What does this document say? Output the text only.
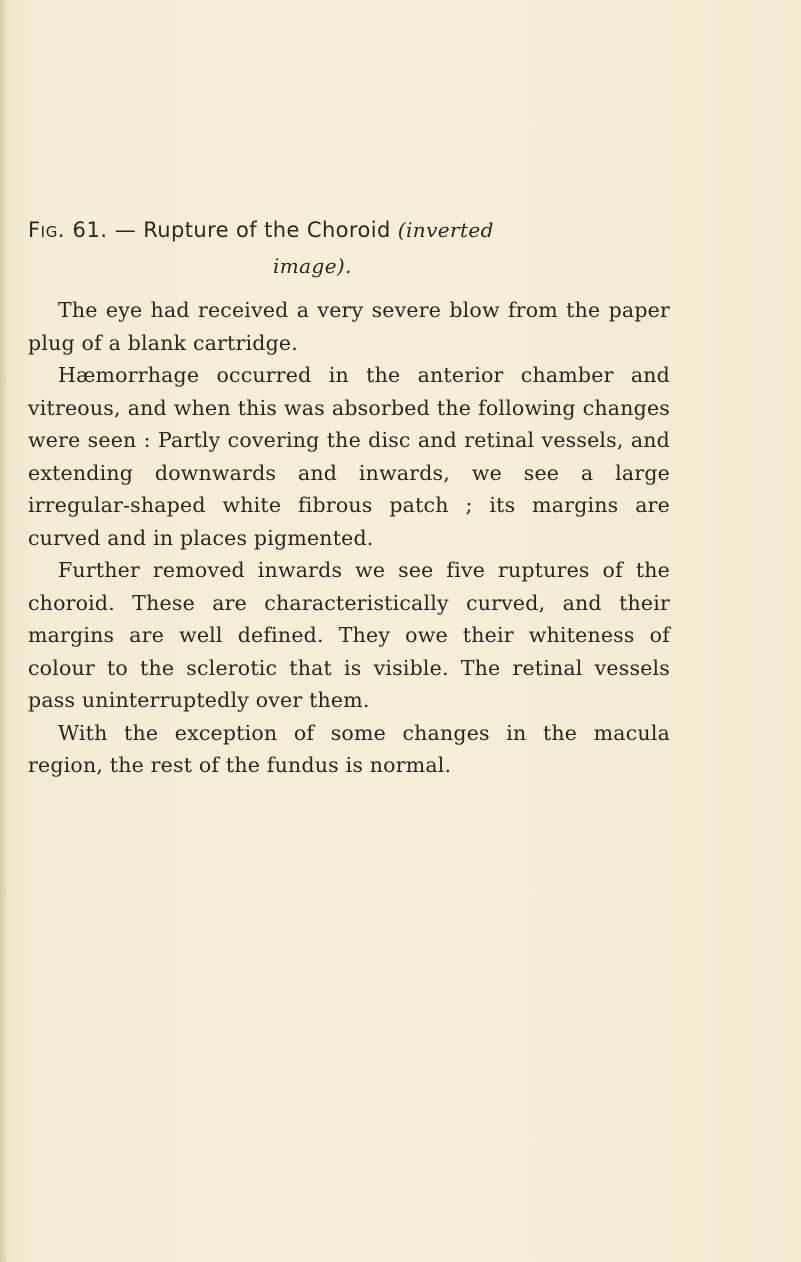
Fig. 61. — Rupture of the Choroid (inverted
image).

The eye had received a very severe blow from the paper plug of a blank cartridge.

Hæmorrhage occurred in the anterior chamber and vitreous, and when this was absorbed the following changes were seen : Partly covering the disc and retinal vessels, and extending downwards and inwards, we see a large irregular-shaped white fibrous patch ; its margins are curved and in places pigmented.

Further removed inwards we see five ruptures of the choroid. These are characteristically curved, and their margins are well defined. They owe their whiteness of colour to the sclerotic that is visible. The retinal vessels pass uninterruptedly over them.

With the exception of some changes in the macula region, the rest of the fundus is normal.
